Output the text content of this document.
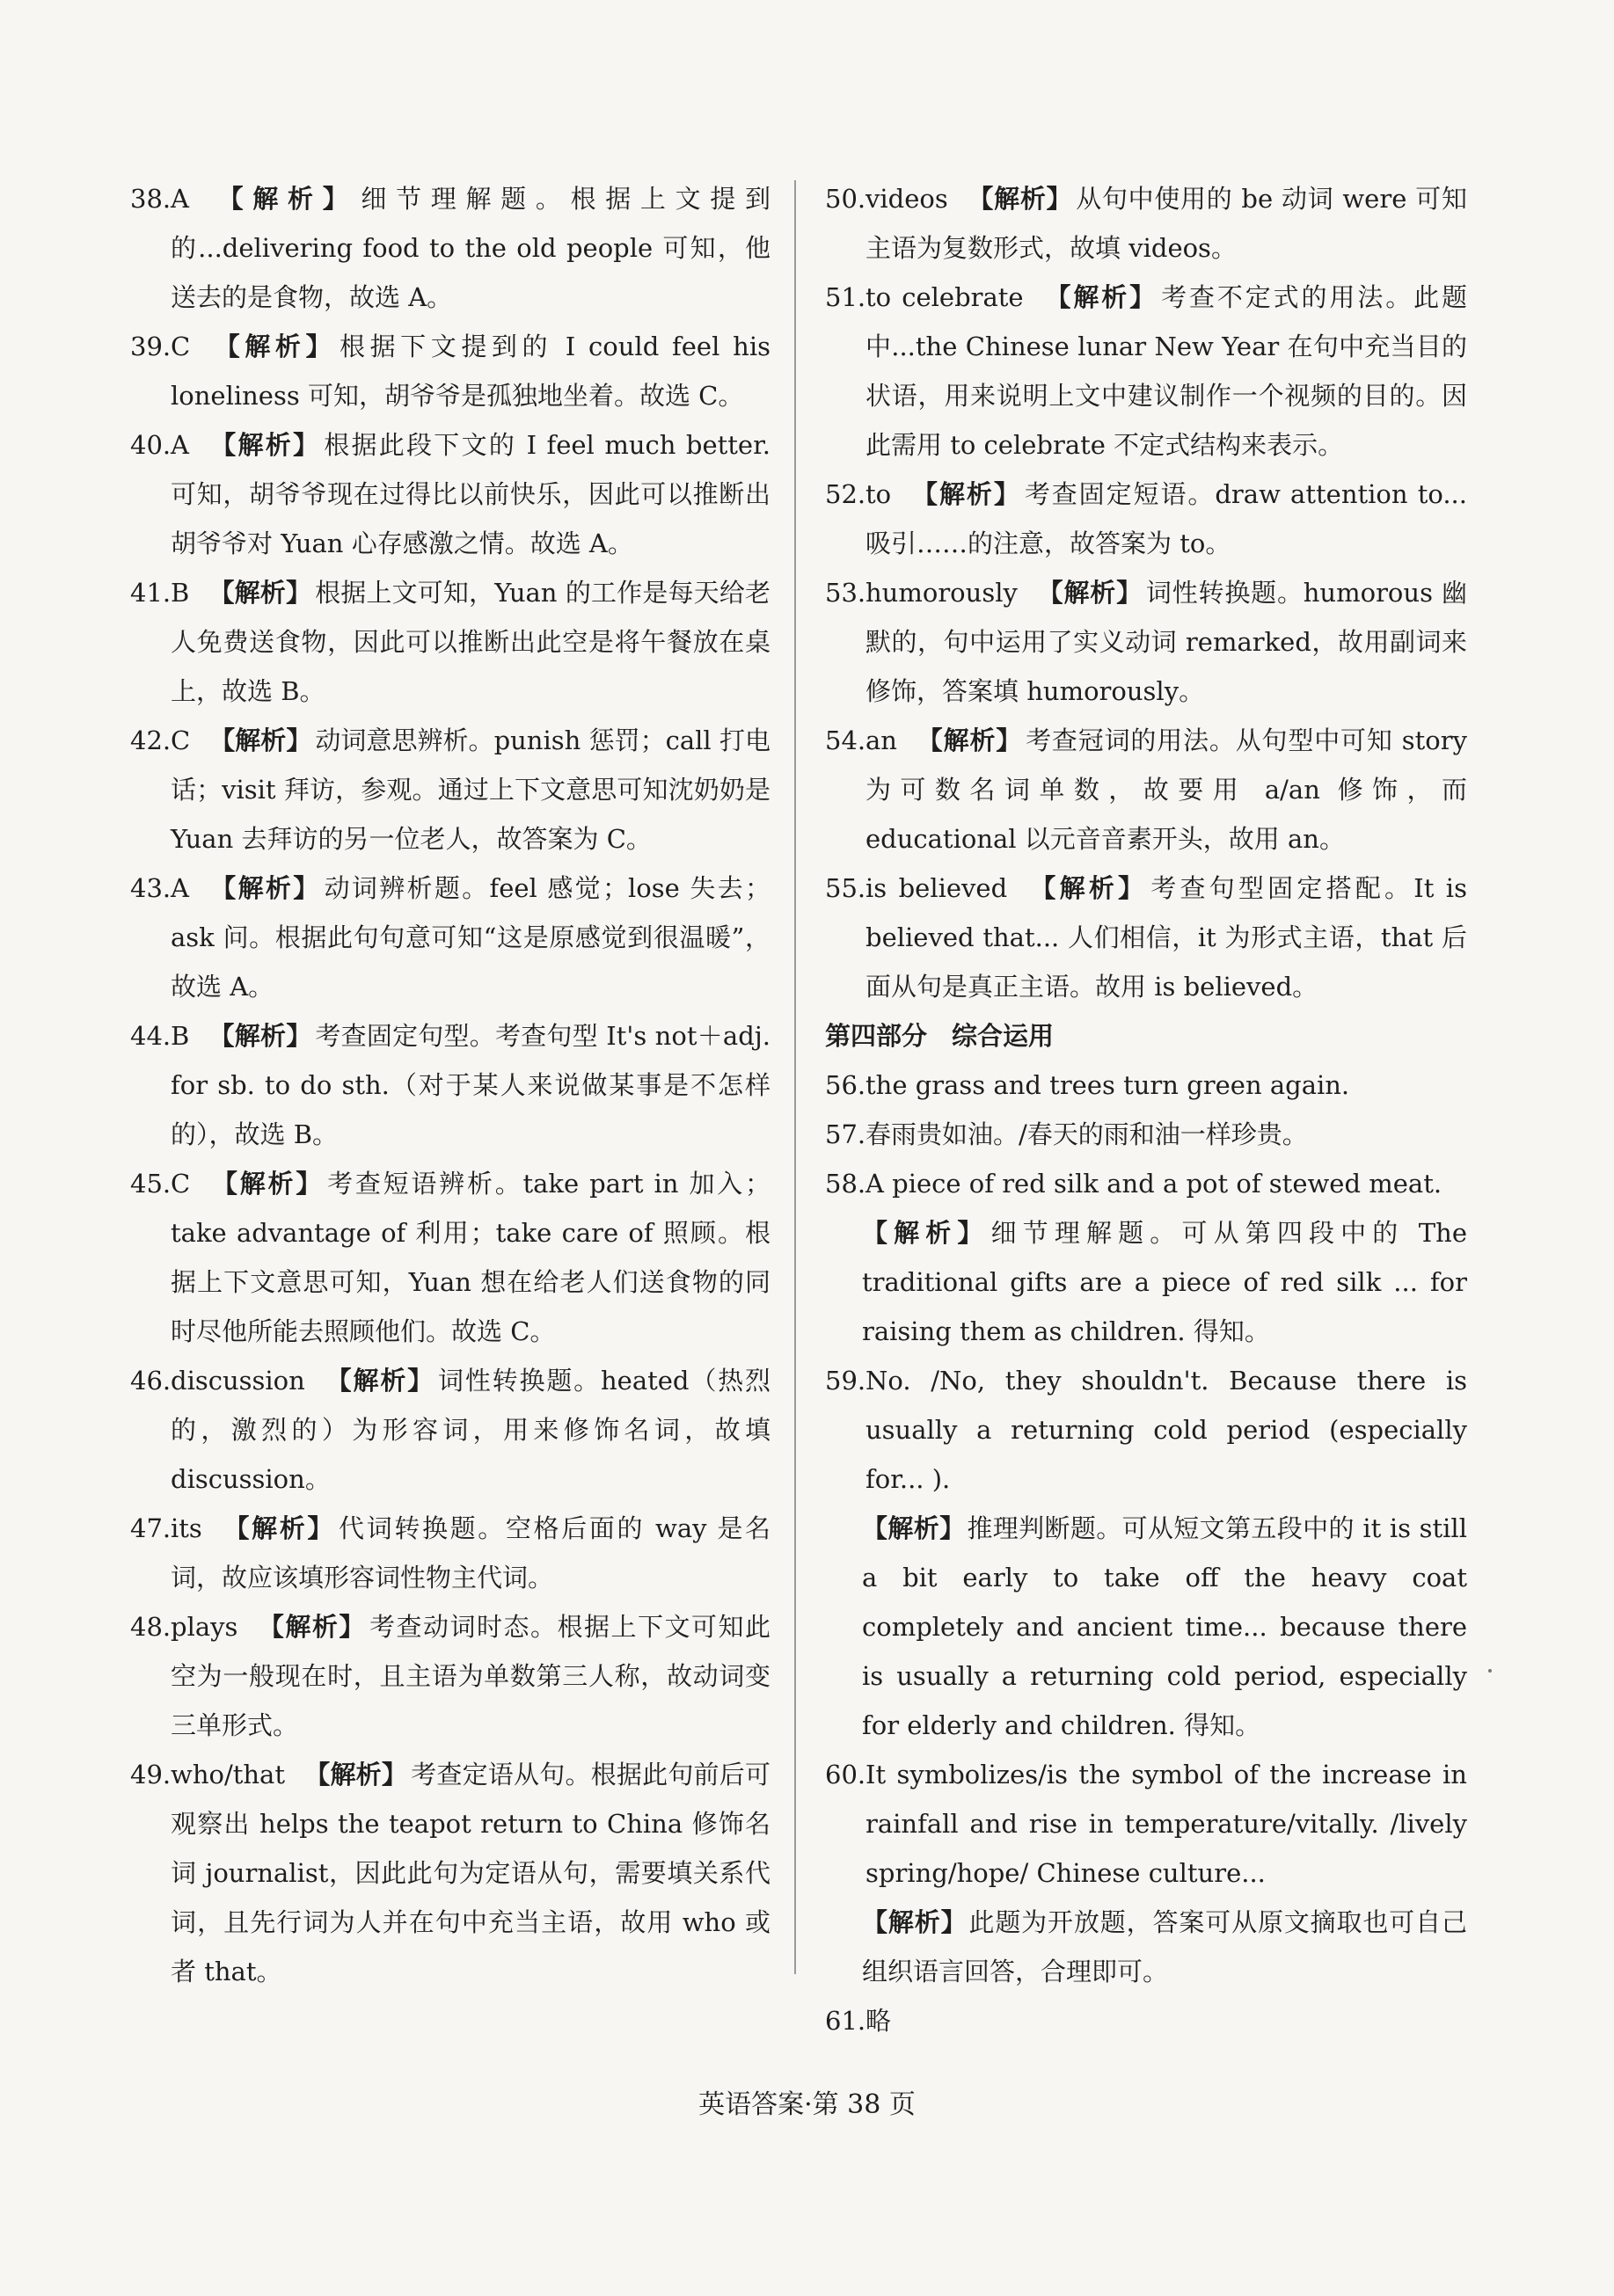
38. A 【解析】 细节理解题。根据上文提到的...delivering food to the old people 可知，他送去的是食物，故选 A。
39. C 【解析】 根据下文提到的 I could feel his loneliness 可知，胡爷爷是孤独地坐着。故选 C。
40. A 【解析】 根据此段下文的 I feel much better. 可知，胡爷爷现在过得比以前快乐，因此可以推断出胡爷爷对 Yuan 心存感激之情。故选 A。
41. B 【解析】 根据上文可知，Yuan 的工作是每天给老人免费送食物，因此可以推断出此空是将午餐放在桌上，故选 B。
42. C 【解析】 动词意思辨析。punish 惩罚；call 打电话；visit 拜访，参观。通过上下文意思可知沈奶奶是 Yuan 去拜访的另一位老人，故答案为 C。
43. A 【解析】 动词辨析题。feel 感觉；lose 失去；ask 问。根据此句句意可知“这是原感觉到很温暖”，故选 A。
44. B 【解析】 考查固定句型。考查句型 It's not＋adj. for sb. to do sth.（对于某人来说做某事是不怎样的），故选 B。
45. C 【解析】 考查短语辨析。take part in 加入；take advantage of 利用；take care of 照顾。根据上下文意思可知，Yuan 想在给老人们送食物的同时尽他所能去照顾他们。故选 C。
46. discussion 【解析】 词性转换题。heated（热烈的，激烈的）为形容词，用来修饰名词，故填 discussion。
47. its 【解析】 代词转换题。空格后面的 way 是名词，故应该填形容词性物主代词。
48. plays 【解析】 考查动词时态。根据上下文可知此空为一般现在时，且主语为单数第三人称，故动词变三单形式。
49. who/that 【解析】 考查定语从句。根据此句前后可观察出 helps the teapot return to China 修饰名词 journalist，因此此句为定语从句，需要填关系代词，且先行词为人并在句中充当主语，故用 who 或者 that。
50. videos 【解析】 从句中使用的 be 动词 were 可知主语为复数形式，故填 videos。
51. to celebrate 【解析】 考查不定式的用法。此题中...the Chinese lunar New Year 在句中充当目的状语，用来说明上文中建议制作一个视频的目的。因此需用 to celebrate 不定式结构来表示。
52. to 【解析】 考查固定短语。draw attention to... 吸引……的注意，故答案为 to。
53. humorously 【解析】 词性转换题。humorous 幽默的，句中运用了实义动词 remarked，故用副词来修饰，答案填 humorously。
54. an 【解析】 考查冠词的用法。从句型中可知 story 为可数名词单数，故要用 a/an 修饰，而 educational 以元音音素开头，故用 an。
55. is believed 【解析】 考查句型固定搭配。It is believed that... 人们相信，it 为形式主语，that 后面从句是真正主语。故用 is believed。
第四部分 综合运用
56. the grass and trees turn green again.
57. 春雨贵如油。/春天的雨和油一样珍贵。
58. A piece of red silk and a pot of stewed meat.
【解析】细节理解题。可从第四段中的 The traditional gifts are a piece of red silk ... for raising them as children. 得知。
59. No. /No, they shouldn't. Because there is usually a returning cold period (especially for... ).
【解析】推理判断题。可从短文第五段中的 it is still a bit early to take off the heavy coat completely and ancient time... because there is usually a returning cold period, especially for elderly and children. 得知。
60. It symbolizes/is the symbol of the increase in rainfall and rise in temperature/vitally. /lively spring/hope/ Chinese culture...
【解析】此题为开放题，答案可从原文摘取也可自己组织语言回答，合理即可。
61. 略
英语答案·第 38 页
